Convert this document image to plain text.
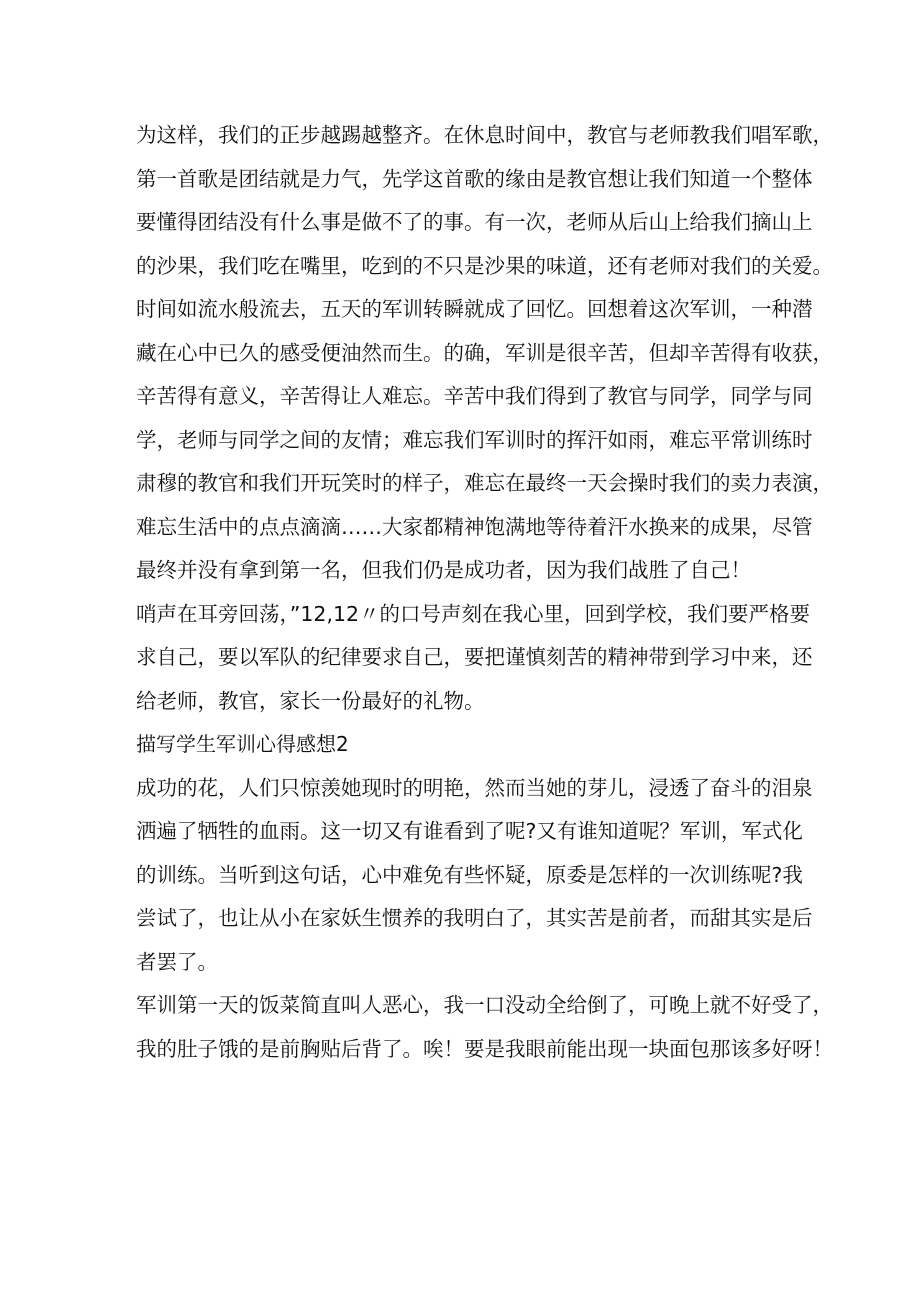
为这样，我们的正步越踢越整齐。在休息时间中，教官与老师教我们唱军歌，
第一首歌是团结就是力气，先学这首歌的缘由是教官想让我们知道一个整体
要懂得团结没有什么事是做不了的事。有一次，老师从后山上给我们摘山上
的沙果，我们吃在嘴里，吃到的不只是沙果的味道，还有老师对我们的关爱。
时间如流水般流去，五天的军训转瞬就成了回忆。回想着这次军训，一种潜
藏在心中已久的感受便油然而生。的确，军训是很辛苦，但却辛苦得有收获，
辛苦得有意义，辛苦得让人难忘。辛苦中我们得到了教官与同学，同学与同
学，老师与同学之间的友情；难忘我们军训时的挥汗如雨，难忘平常训练时
肃穆的教官和我们开玩笑时的样子，难忘在最终一天会操时我们的卖力表演，
难忘生活中的点点滴滴……大家都精神饱满地等待着汗水换来的成果，尽管
最终并没有拿到第一名，但我们仍是成功者，因为我们战胜了自己！
哨声在耳旁回荡，”12,12〃的口号声刻在我心里，回到学校，我们要严格要
求自己，要以军队的纪律要求自己，要把谨慎刻苦的精神带到学习中来，还
给老师，教官，家长一份最好的礼物。
描写学生军训心得感想2
成功的花，人们只惊羡她现时的明艳，然而当她的芽儿，浸透了奋斗的泪泉
洒遍了牺牲的血雨。这一切又有谁看到了呢?又有谁知道呢？军训，军式化
的训练。当听到这句话，心中难免有些怀疑，原委是怎样的一次训练呢?我
尝试了，也让从小在家妖生惯养的我明白了，其实苦是前者，而甜其实是后
者罢了。
军训第一天的饭菜简直叫人恶心，我一口没动全给倒了，可晚上就不好受了，
我的肚子饿的是前胸贴后背了。唉！要是我眼前能出现一块面包那该多好呀！
